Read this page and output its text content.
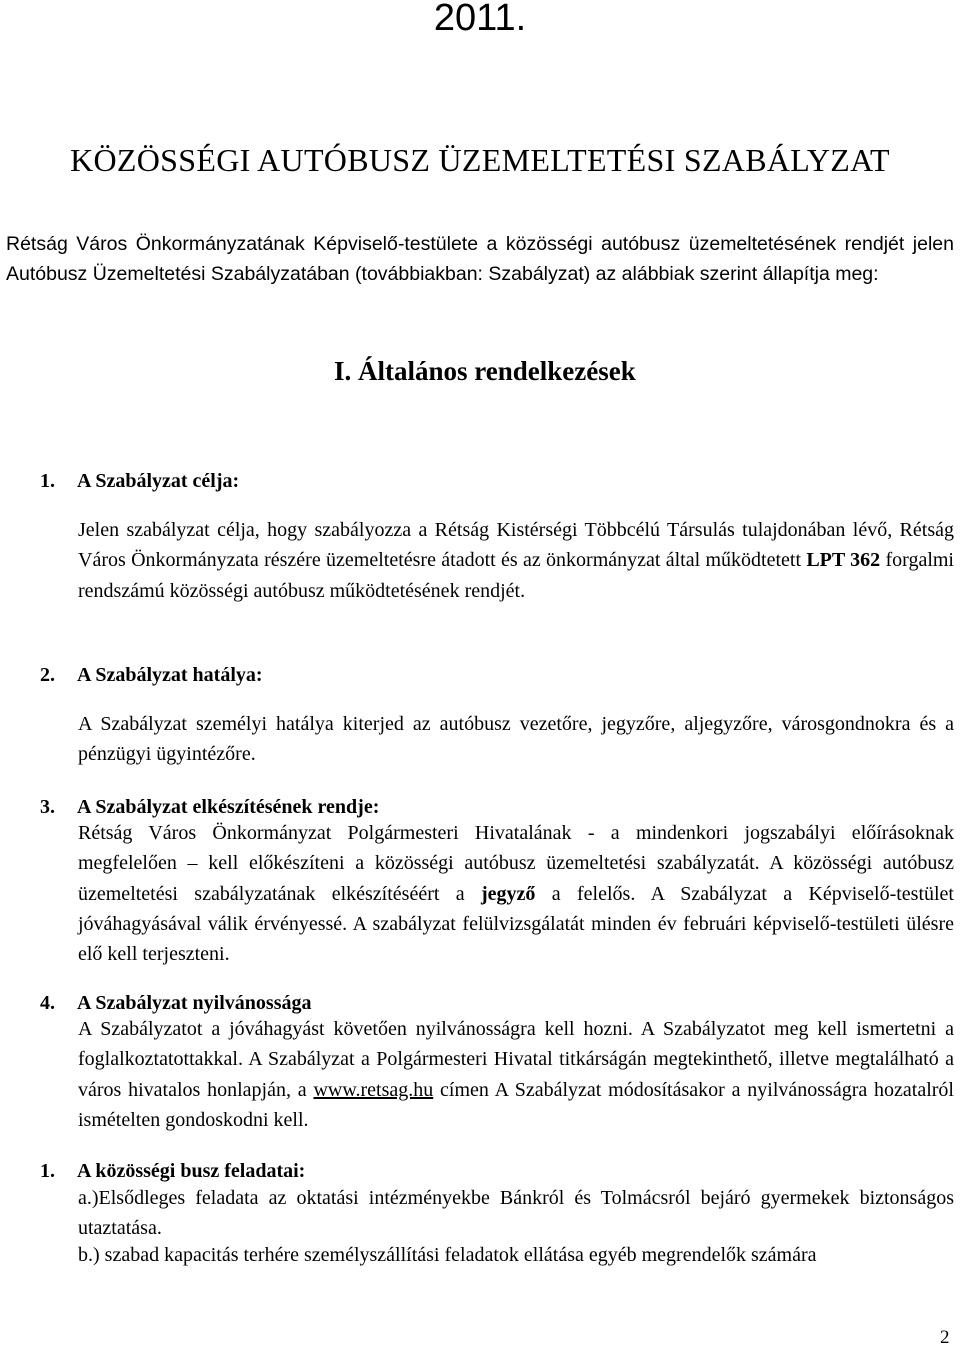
2011.
KÖZÖSSÉGI AUTÓBUSZ ÜZEMELTETÉSI SZABÁLYZAT
Rétság Város Önkormányzatának Képviselő-testülete a közösségi autóbusz üzemeltetésének rendjét jelen Autóbusz Üzemeltetési Szabályzatában (továbbiakban: Szabályzat) az alábbiak szerint állapítja meg:
I. Általános rendelkezések
1. A Szabályzat célja:
Jelen szabályzat célja, hogy szabályozza a Rétság Kistérségi Többcélú Társulás tulajdonában lévő, Rétság Város Önkormányzata részére üzemeltetésre átadott és az önkormányzat által működtetett LPT 362 forgalmi rendszámú közösségi autóbusz működtetésének rendjét.
2. A Szabályzat hatálya:
A Szabályzat személyi hatálya kiterjed az autóbusz vezetőre, jegyzőre, aljegyzőre, városgondnokra és a pénzügyi ügyintézőre.
3. A Szabályzat elkészítésének rendje:
Rétság Város Önkormányzat Polgármesteri Hivatalának - a mindenkori jogszabályi előírásoknak megfelelően – kell előkészíteni a közösségi autóbusz üzemeltetési szabályzatát. A közösségi autóbusz üzemeltetési szabályzatának elkészítéséért a jegyző a felelős. A Szabályzat a Képviselő-testület jóváhagyásával válik érvényessé. A szabályzat felülvizsgálatát minden év februári képviselő-testületi ülésre elő kell terjeszteni.
4. A Szabályzat nyilvánossága
A Szabályzatot a jóváhagyást követően nyilvánosságra kell hozni. A Szabályzatot meg kell ismertetni a foglalkoztatottakkal. A Szabályzat a Polgármesteri Hivatal titkárságán megtekinthető, illetve megtalálható a város hivatalos honlapján, a www.retsag.hu címen A Szabályzat módosításakor a nyilvánosságra hozatalról ismételten gondoskodni kell.
1. A közösségi busz feladatai:
a.)Elsődleges feladata az oktatási intézményekbe Bánkról és Tolmácsról bejáró gyermekek biztonságos utaztatása.
b.) szabad kapacitás terhére személyszállítási feladatok ellátása egyéb megrendelők számára
2
